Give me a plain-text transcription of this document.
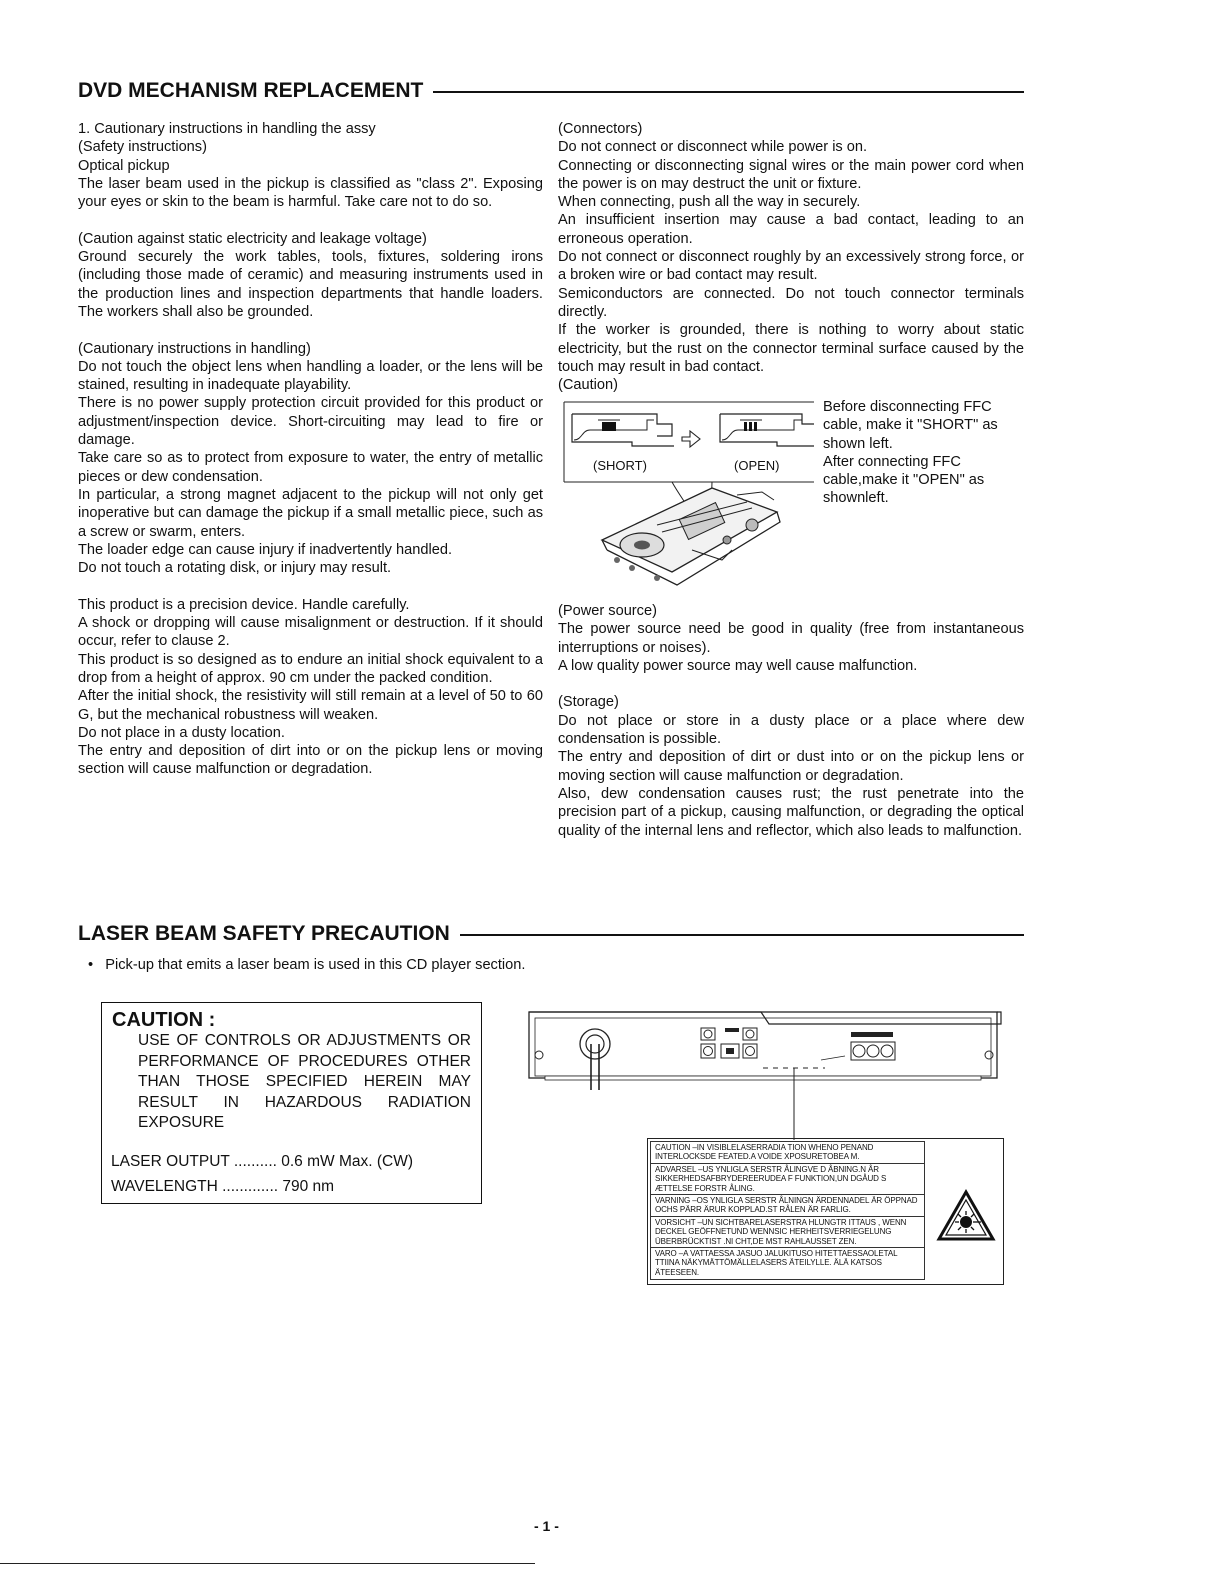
DVD MECHANISM REPLACEMENT

1. Cautionary instructions in handling the assy

(Safety instructions)

Optical pickup

The laser beam used in the pickup is classified as "class 2". Exposing your eyes or skin to the beam is harmful. Take care not to do so.

(Caution against static electricity and leakage voltage)

Ground securely the work tables, tools, fixtures, soldering irons (including those made of ceramic) and measuring instruments used in the production lines and inspection departments that handle loaders. The workers shall also be grounded.

(Cautionary instructions in handling)

Do not touch the object lens when handling a loader, or the lens will be stained, resulting in inadequate playability.

There is no power supply protection circuit provided for this product or adjustment/inspection device. Short-circuiting may lead to fire or damage.

Take care so as to protect from exposure to water, the entry of metallic pieces or dew condensation.

In particular, a strong magnet adjacent to the pickup will not only get inoperative but can damage the pickup if a small metallic piece, such as a screw or swarm, enters.

The loader edge can cause injury if inadvertently handled.

Do not touch a rotating disk, or injury may result.

This product is a precision device. Handle carefully.

A shock or dropping will cause misalignment or destruction. If it should occur, refer to clause 2.

This product is so designed as to endure an initial shock equivalent to a drop from a height of approx. 90 cm under the packed condition.

After the initial shock, the resistivity will still remain at a level of 50 to 60 G, but the mechanical robustness will weaken.

Do not place in a dusty location.

The entry and deposition of dirt into or on the pickup lens or moving section will cause malfunction or degradation.

(Connectors)

Do not connect or disconnect while power is on.

Connecting or disconnecting signal wires or the main power cord when the power is on may destruct the unit or fixture.

When connecting, push all the way in securely.

An insufficient insertion may cause a bad contact, leading to an erroneous operation.

Do not connect or disconnect roughly by an excessively strong force, or a broken wire or bad contact may result.

Semiconductors are connected. Do not touch connector terminals directly.

If the worker is grounded, there is nothing to worry about static electricity, but the rust on the connector terminal surface caused by the touch may result in bad contact.

(Caution)

(SHORT)	(OPEN)

Before disconnecting FFC

cable, make it "SHORT" as

shown left.

After connecting FFC

cable,make it "OPEN" as

shownleft.

(Power source)

The power source need be good in quality (free from instantaneous interruptions or noises).

A low quality power source may well cause malfunction.

(Storage)

Do not place or store in a dusty place or a place where dew condensation is possible.

The entry and deposition of dirt or dust into or on the pickup lens or moving section will cause malfunction or degradation.

Also, dew condensation causes rust; the rust penetrate into the precision part of a pickup, causing malfunction, or degrading the optical quality of the internal lens and reflector, which also leads to malfunction.

LASER BEAM SAFETY PRECAUTION
•   Pick-up that emits a laser beam is used in this CD player section.
CAUTION :
USE OF CONTROLS OR ADJUSTMENTS OR PERFORMANCE OF PROCEDURES OTHER THAN THOSE SPECIFIED HEREIN MAY RESULT IN HAZARDOUS RADIATION EXPOSURE
LASER OUTPUT .......... 0.6 mW Max. (CW)
WAVELENGTH ............. 790 nm
CAUTION –IN VISIBLELASERRADIA TION WHENO PENAND INTERLOCKSDE FEATED.A VOIDE XPOSURETOBEA M.
ADVARSEL –US YNLIGLA SERSTR ÅLINGVE D ÅBNING.N ÅR SIKKERHEDSAFBRYDEREERUDEA F FUNKTION,UN DGÅUD S ÆTTELSE FORSTR ÅLING.
VARNING –OS YNLIGLA SERSTR ÅLNINGN ÄRDENNADEL ÄR ÖPPNAD OCHS PÄRR ÄRUR KOPPLAD.ST RÅLEN ÄR FARLIG.
VORSICHT –UN SICHTBARELASERSTRA HLUNGTR ITTAUS , WENN DECKEL GEÖFFNETUND WENNSIC HERHEITSVERRIEGELUNG ÜBERBRÜCKTIST .NI CHT,DE MST RAHLAUSSET ZEN.
VARO –A VATTAESSA JASUO JALUKITUSO HITETTAESSAOLETAL TTIINA NÄKYMÄTTÖMÄLLELASERS ÄTEILYLLE. ÄLÄ KATSOS ÄTEESEEN.
- 1 -
